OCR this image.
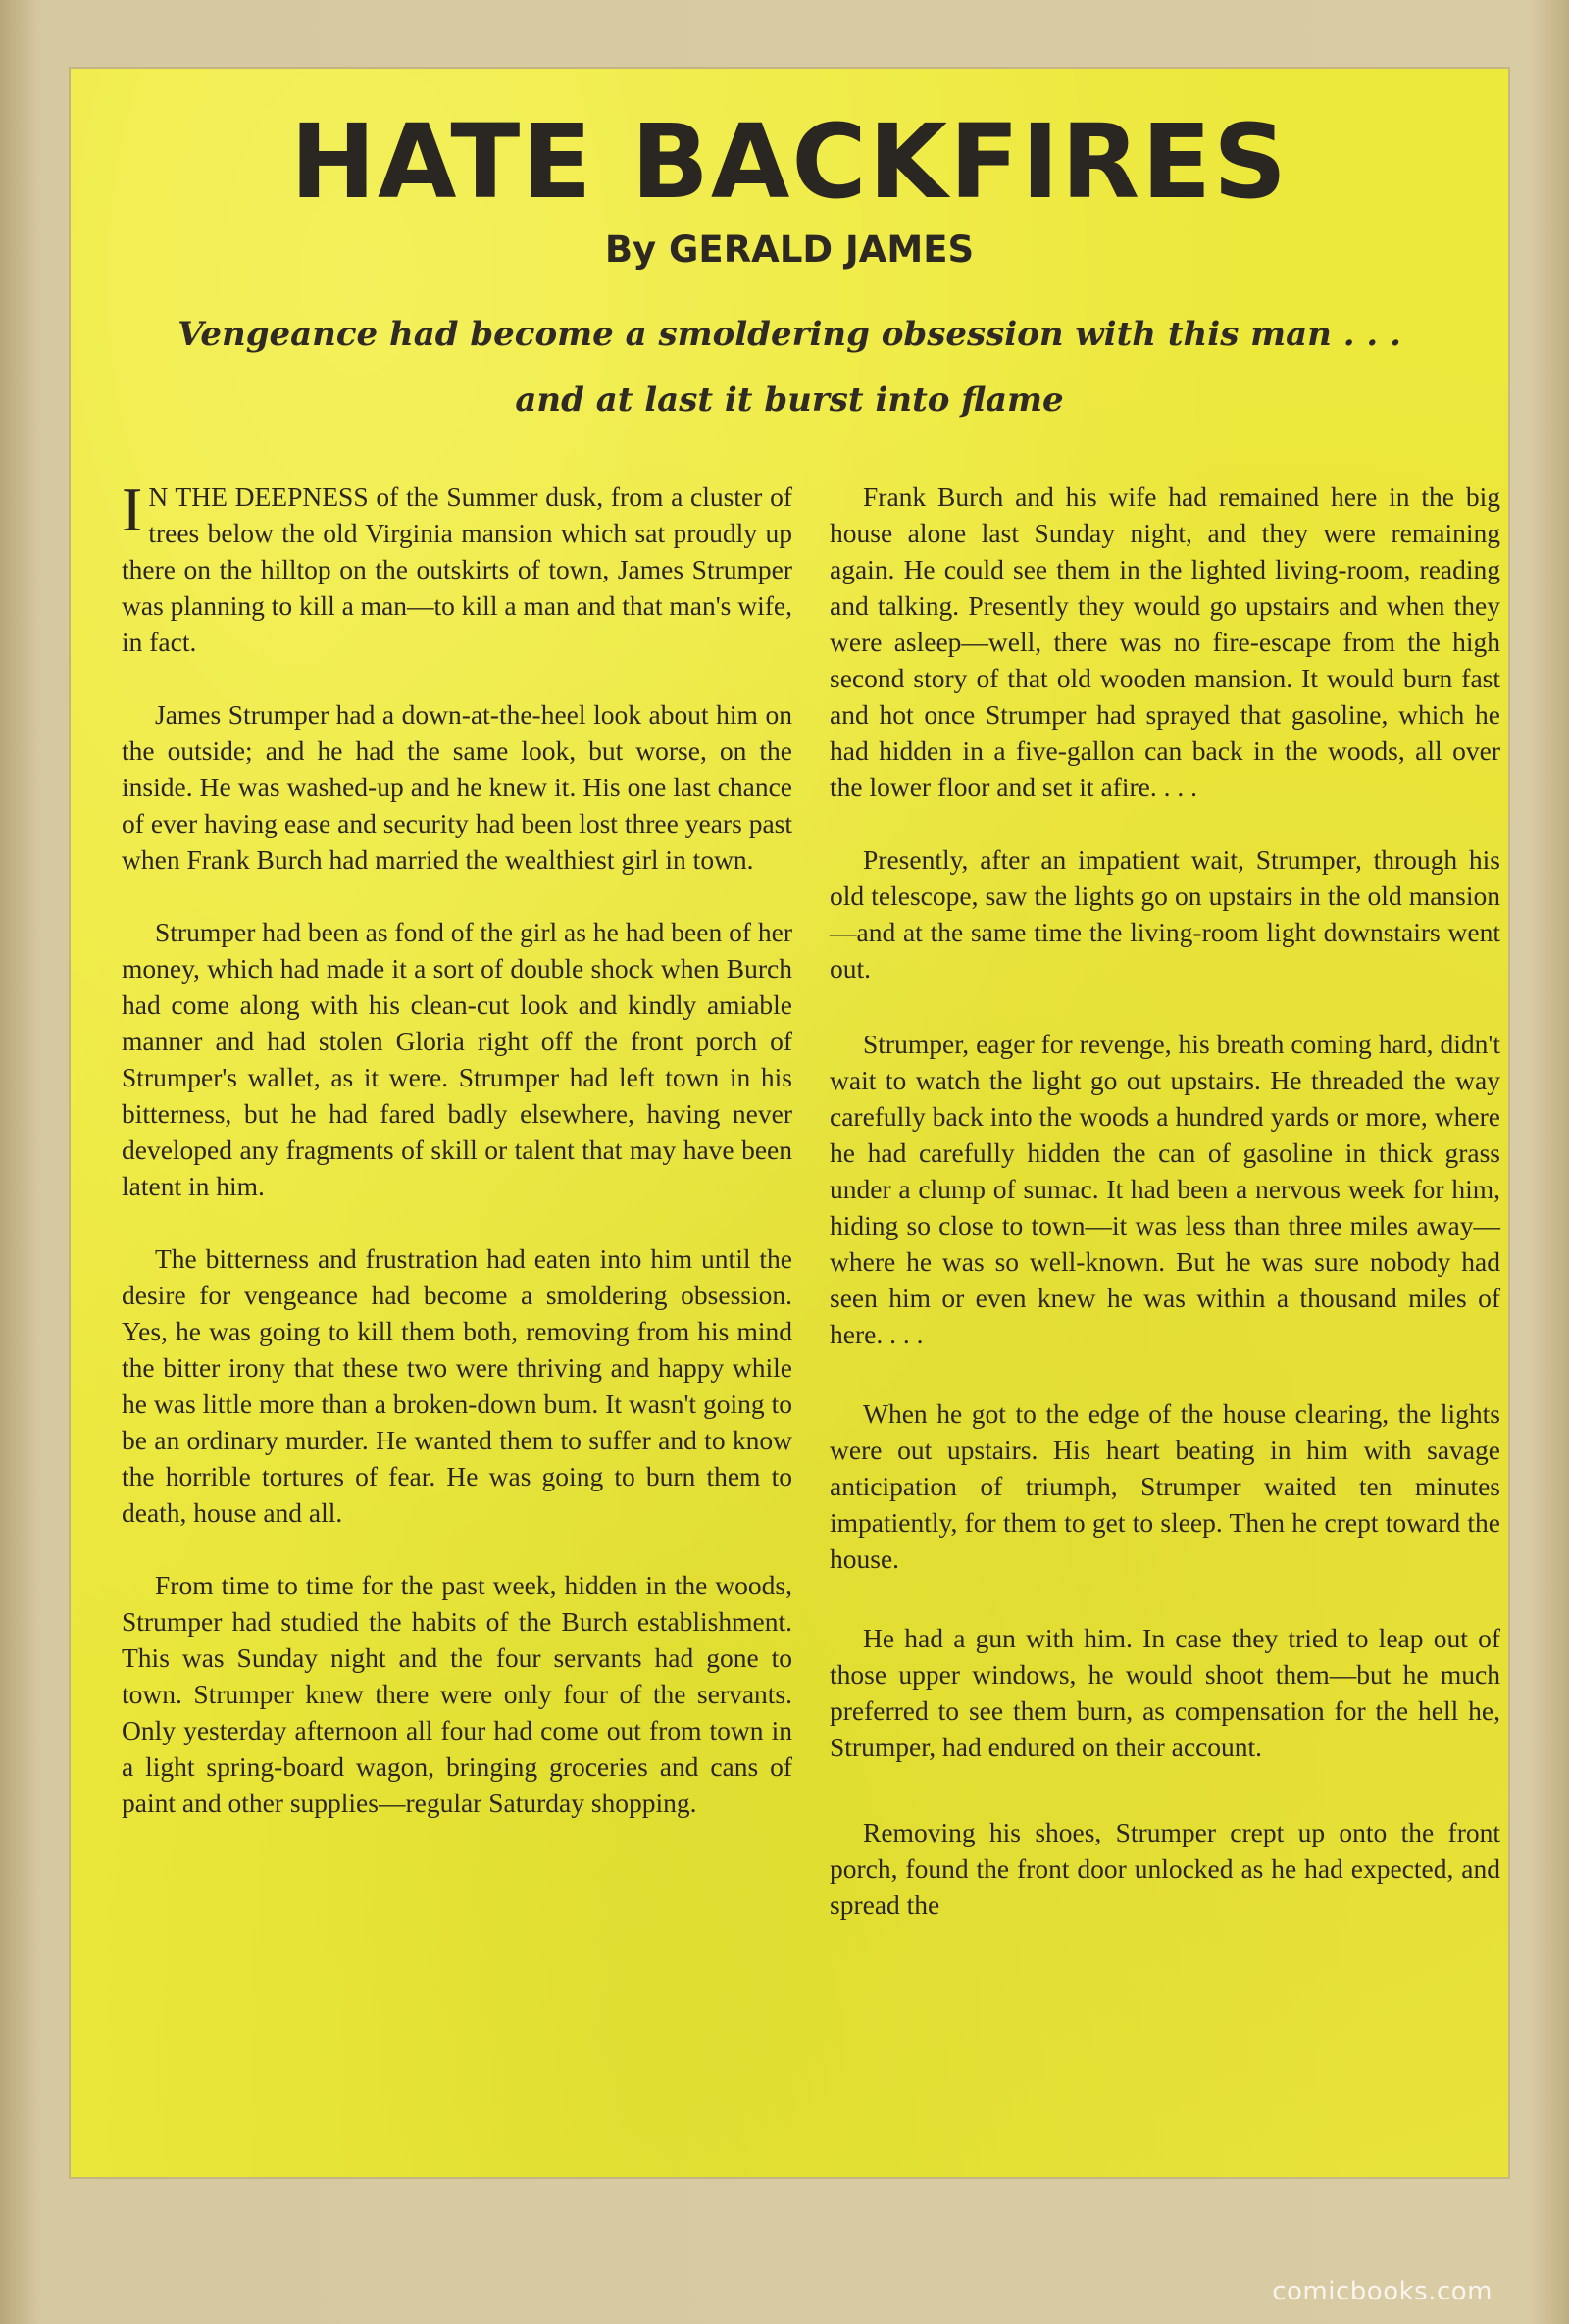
HATE BACKFIRES
By GERALD JAMES
Vengeance had become a smoldering obsession with this man . . .
and at last it burst into flame

I N THE DEEPNESS of the Summer dusk, from a cluster of trees below the old Virginia mansion which sat proudly up there on the hilltop on the outskirts of town, James Strumper was planning to kill a man—to kill a man and that man's wife, in fact.

James Strumper had a down-at-the-heel look about him on the outside; and he had the same look, but worse, on the inside. He was washed-up and he knew it. His one last chance of ever having ease and security had been lost three years past when Frank Burch had married the wealthiest girl in town.

Strumper had been as fond of the girl as he had been of her money, which had made it a sort of double shock when Burch had come along with his clean-cut look and kindly amiable manner and had stolen Gloria right off the front porch of Strumper's wallet, as it were. Strumper had left town in his bitterness, but he had fared badly elsewhere, having never developed any fragments of skill or talent that may have been latent in him.

The bitterness and frustration had eaten into him until the desire for vengeance had become a smoldering obsession. Yes, he was going to kill them both, removing from his mind the bitter irony that these two were thriving and happy while he was little more than a broken-down bum. It wasn't going to be an ordinary murder. He wanted them to suffer and to know the horrible tortures of fear. He was going to burn them to death, house and all.

From time to time for the past week, hidden in the woods, Strumper had studied the habits of the Burch establishment. This was Sunday night and the four servants had gone to town. Strumper knew there were only four of the servants. Only yesterday afternoon all four had come out from town in a light spring-board wagon, bringing groceries and cans of paint and other supplies—regular Saturday shopping.

Frank Burch and his wife had remained here in the big house alone last Sunday night, and they were remaining again. He could see them in the lighted living-room, reading and talking. Presently they would go upstairs and when they were asleep—well, there was no fire-escape from the high second story of that old wooden mansion. It would burn fast and hot once Strumper had sprayed that gasoline, which he had hidden in a five-gallon can back in the woods, all over the lower floor and set it afire. . . .

Presently, after an impatient wait, Strumper, through his old telescope, saw the lights go on upstairs in the old mansion—and at the same time the living-room light downstairs went out.

Strumper, eager for revenge, his breath coming hard, didn't wait to watch the light go out upstairs. He threaded the way carefully back into the woods a hundred yards or more, where he had carefully hidden the can of gasoline in thick grass under a clump of sumac. It had been a nervous week for him, hiding so close to town—it was less than three miles away—where he was so well-known. But he was sure nobody had seen him or even knew he was within a thousand miles of here. . . .

When he got to the edge of the house clearing, the lights were out upstairs. His heart beating in him with savage anticipation of triumph, Strumper waited ten minutes impatiently, for them to get to sleep. Then he crept toward the house.

He had a gun with him. In case they tried to leap out of those upper windows, he would shoot them—but he much preferred to see them burn, as compensation for the hell he, Strumper, had endured on their account.

Removing his shoes, Strumper crept up onto the front porch, found the front door unlocked as he had expected, and spread the

comicbooks.com
